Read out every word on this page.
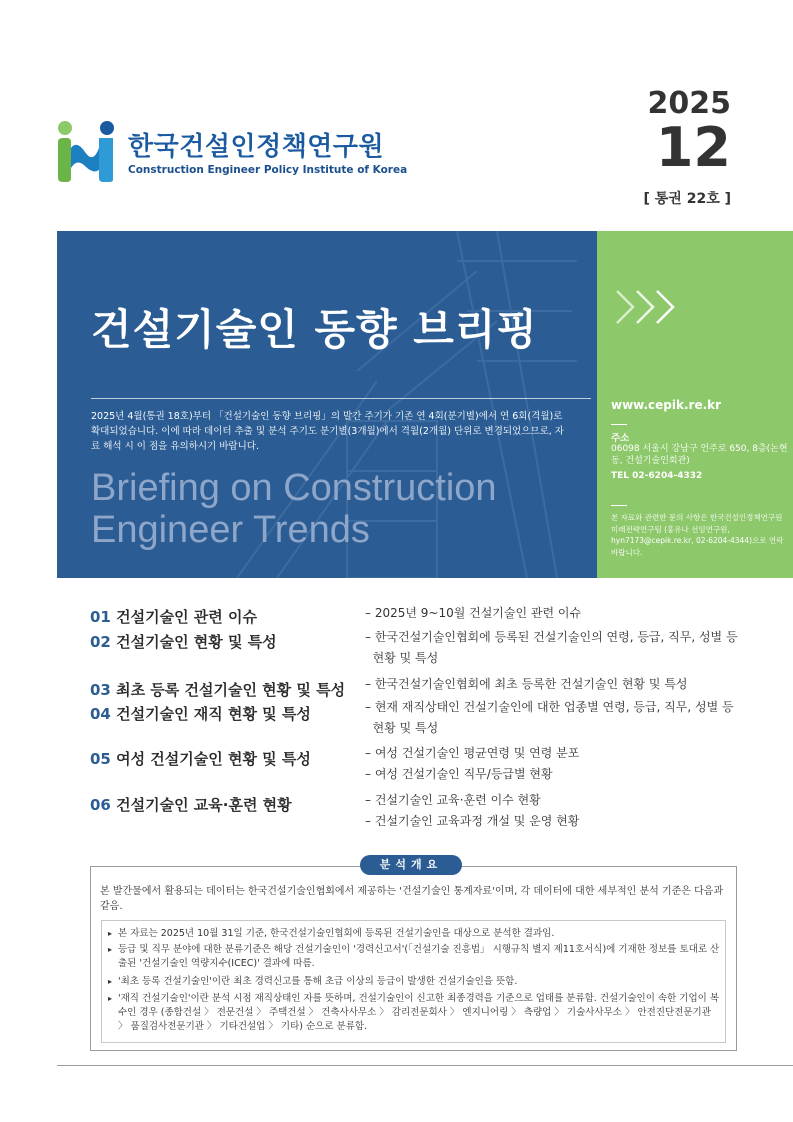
한국건설인정책연구원
Construction Engineer Policy Institute of Korea
2025
12
[ 통권 22호 ]
건설기술인 동향 브리핑
2025년 4월(통권 18호)부터 「건설기술인 동향 브리핑」의 발간 주기가 기존 연 4회(분기별)에서 연 6회(격월)로 확대되었습니다. 이에 따라 데이터 추출 및 분석 주기도 분기별(3개월)에서 격월(2개월) 단위로 변경되었으므로, 자료 해석 시 이 점을 유의하시기 바랍니다.
Briefing on Construction
Engineer Trends
www.cepik.re.kr
주소
06098 서울시 강남구 언주로 650, 8층(논현동, 건설기술인회관)
TEL 02-6204-4332
본 자료와 관련한 문의 사항은 한국건설인정책연구원 미래전략연구팀 (홍유나 선임연구원, hyn7173@cepik.re.kr, 02-6204-4344)으로 연락바랍니다.
01 건설기술인 관련 이슈	– 2025년 9~10월 건설기술인 관련 이슈
02 건설기술인 현황 및 특성	– 한국건설기술인협회에 등록된 건설기술인의 연령, 등급, 직무, 성별 등
현황 및 특성
03 최초 등록 건설기술인 현황 및 특성 – 한국건설기술인협회에 최초 등록한 건설기술인 현황 및 특성
04 건설기술인 재직 현황 및 특성	– 현재 재직상태인 건설기술인에 대한 업종별 연령, 등급, 직무, 성별 등
현황 및 특성
05 여성 건설기술인 현황 및 특성	– 여성 건설기술인 평균연령 및 연령 분포
– 여성 건설기술인 직무/등급별 현황
06 건설기술인 교육·훈련 현황	– 건설기술인 교육·훈련 이수 현황
– 건설기술인 교육과정 개설 및 운영 현황
분석개요
본 발간물에서 활용되는 데이터는 한국건설기술인협회에서 제공하는 '건설기술인 통계자료'이며, 각 데이터에 대한 세부적인 분석 기준은 다음과 같음.
▸ 본 자료는 2025년 10월 31일 기준, 한국건설기술인협회에 등록된 건설기술인을 대상으로 분석한 결과임.
▸ 등급 및 직무 분야에 대한 분류기준은 해당 건설기술인이 '경력신고서'(「건설기술 진흥법」 시행규칙 별지 제11호서식)에 기재한 정보를 토대로 산출된 '건설기술인 역량지수(ICEC)' 결과에 따름.
▸ '최초 등록 건설기술인'이란 최초 경력신고를 통해 초급 이상의 등급이 발생한 건설기술인을 뜻함.
▸ '재직 건설기술인'이란 분석 시점 재직상태인 자를 뜻하며, 건설기술인이 신고한 최종경력을 기준으로 업태를 분류함. 건설기술인이 속한 기업이 복수인 경우 (종합건설 〉 전문건설 〉 주택건설 〉 건축사사무소 〉 감리전문회사 〉 엔지니어링 〉 측량업 〉 기술사사무소 〉 안전진단전문기관 〉 품질검사전문기관 〉 기타건설업 〉 기타) 순으로 분류함.
